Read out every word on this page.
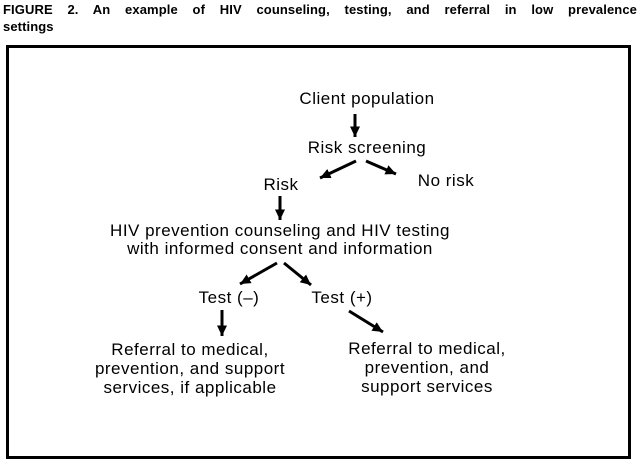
FIGURE 2. An example of HIV counseling, testing, and referral in low prevalence
settings
Client population
Risk screening
Risk	No risk
HIV prevention counseling and HIV testing
with informed consent and information
Test (–)	Test (+)
Referral to medical,
prevention, and support
services, if applicable
Referral to medical,
prevention, and
support services
